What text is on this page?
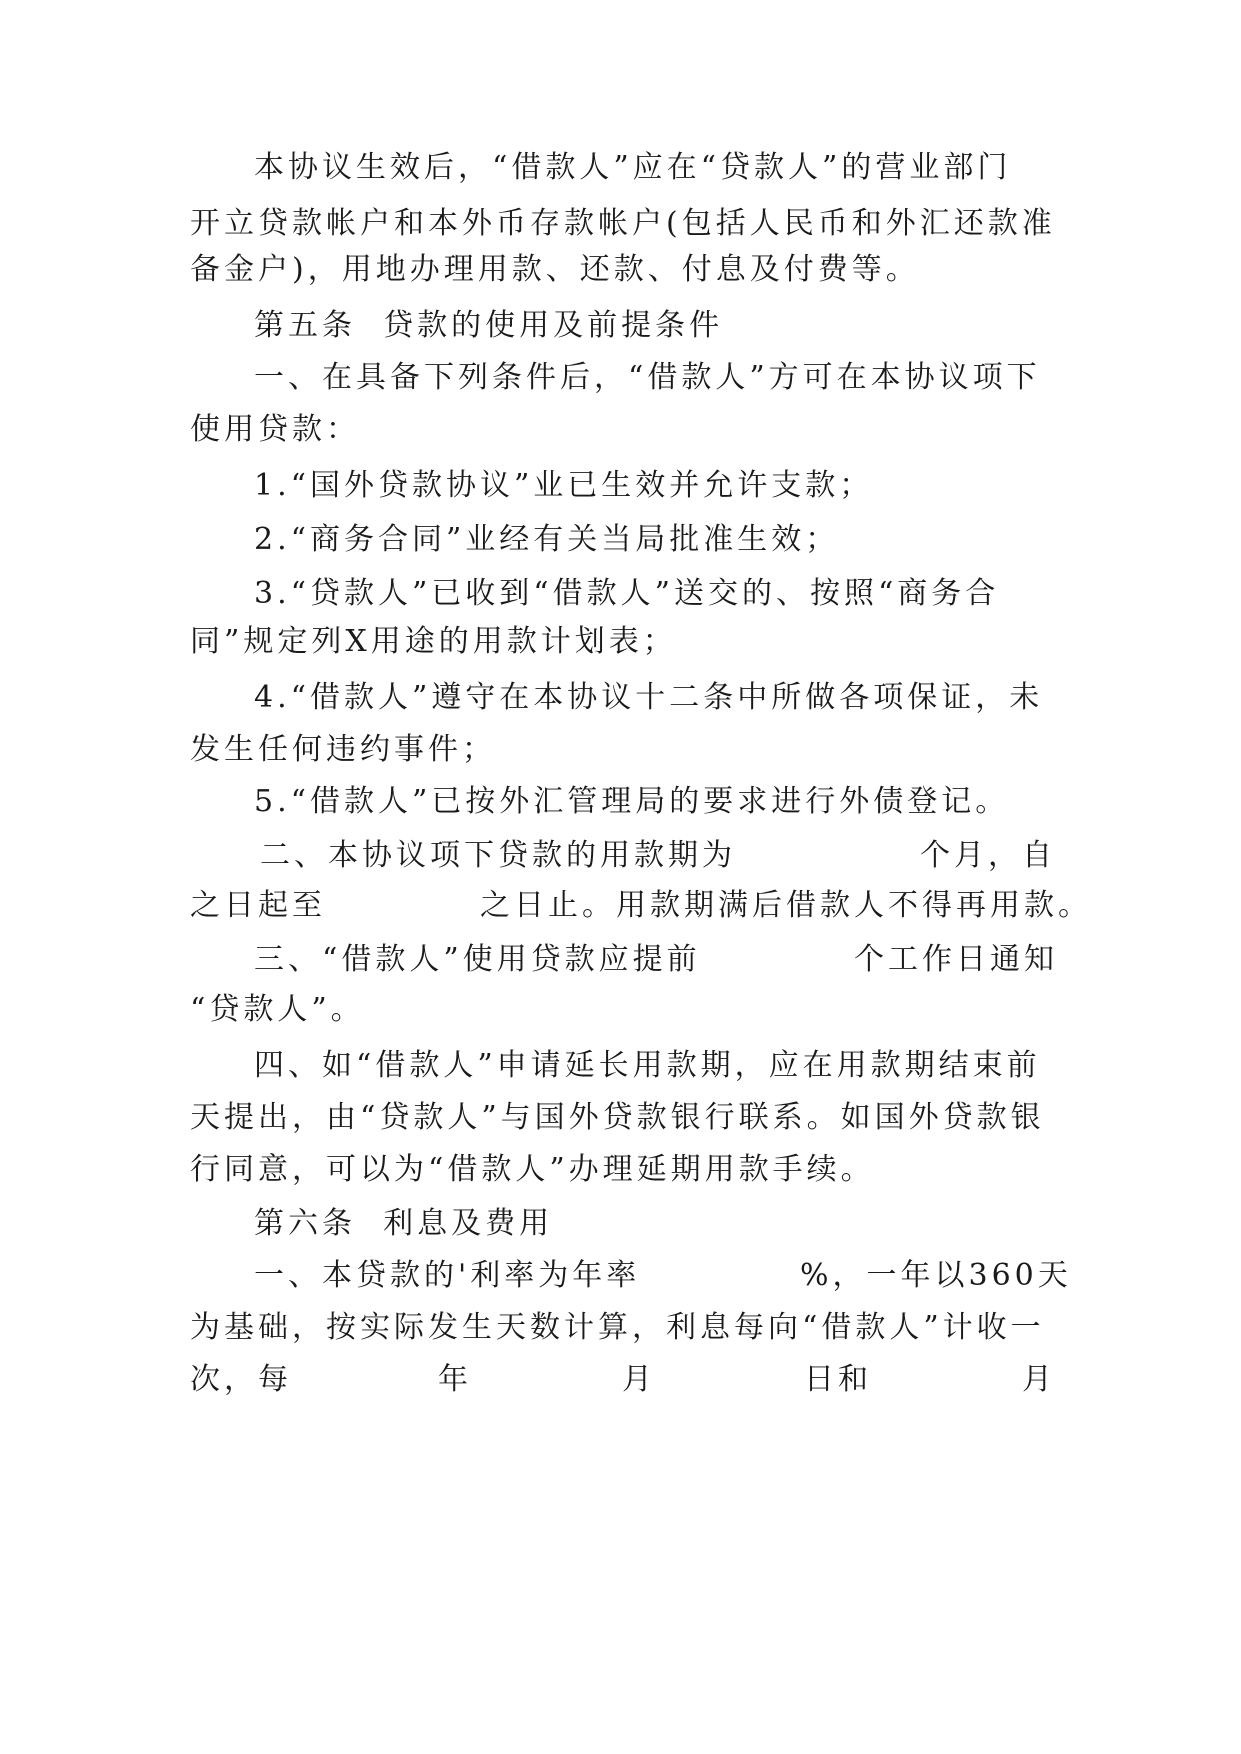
本协议生效后，“借款人”应在“贷款人”的营业部门
开立贷款帐户和本外币存款帐户(包括人民币和外汇还款准
备金户)，用地办理用款、还款、付息及付费等。
第五条  贷款的使用及前提条件
一、在具备下列条件后，“借款人”方可在本协议项下
使用贷款：
1.“国外贷款协议”业已生效并允许支款；
2.“商务合同”业经有关当局批准生效；
3.“贷款人”已收到“借款人”送交的、按照“商务合
同”规定列X用途的用款计划表；
4.“借款人”遵守在本协议十二条中所做各项保证，未
发生任何违约事件；
5.“借款人”已按外汇管理局的要求进行外债登记。
二、本协议项下贷款的用款期为	个月，自
之日起至	之日止。用款期满后借款人不得再用款。
三、“借款人”使用贷款应提前	个工作日通知
“贷款人”。
四、如“借款人”申请延长用款期，应在用款期结束前
天提出，由“贷款人”与国外贷款银行联系。如国外贷款银
行同意，可以为“借款人”办理延期用款手续。
第六条  利息及费用
一、本贷款的'利率为年率	%，一年以360天
为基础，按实际发生天数计算，利息每向“借款人”计收一
次，每	年	月	日和	月
